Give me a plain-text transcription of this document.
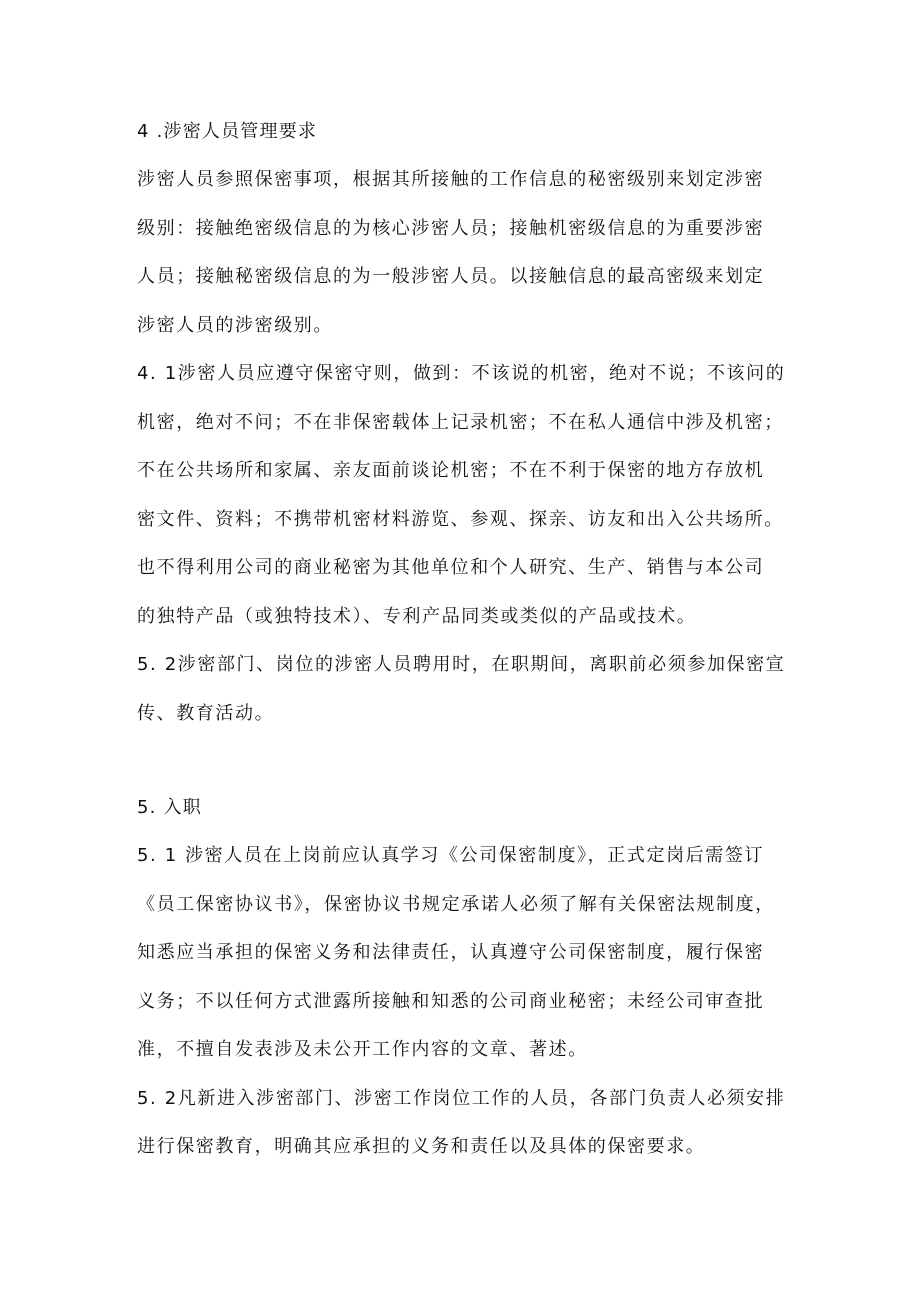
4 .涉密人员管理要求
涉密人员参照保密事项，根据其所接触的工作信息的秘密级别来划定涉密
级别：接触绝密级信息的为核心涉密人员；接触机密级信息的为重要涉密
人员；接触秘密级信息的为一般涉密人员。以接触信息的最高密级来划定
涉密人员的涉密级别。
4. 1涉密人员应遵守保密守则，做到：不该说的机密，绝对不说；不该问的
机密，绝对不问；不在非保密载体上记录机密；不在私人通信中涉及机密；
不在公共场所和家属、亲友面前谈论机密；不在不利于保密的地方存放机
密文件、资料；不携带机密材料游览、参观、探亲、访友和出入公共场所。
也不得利用公司的商业秘密为其他单位和个人研究、生产、销售与本公司
的独特产品（或独特技术）、专利产品同类或类似的产品或技术。
5. 2涉密部门、岗位的涉密人员聘用时，在职期间，离职前必须参加保密宣
传、教育活动。
5. 入职
5. 1 涉密人员在上岗前应认真学习《公司保密制度》，正式定岗后需签订
《员工保密协议书》，保密协议书规定承诺人必须了解有关保密法规制度，
知悉应当承担的保密义务和法律责任，认真遵守公司保密制度，履行保密
义务；不以任何方式泄露所接触和知悉的公司商业秘密；未经公司审查批
准，不擅自发表涉及未公开工作内容的文章、著述。
5. 2凡新进入涉密部门、涉密工作岗位工作的人员，各部门负责人必须安排
进行保密教育，明确其应承担的义务和责任以及具体的保密要求。
